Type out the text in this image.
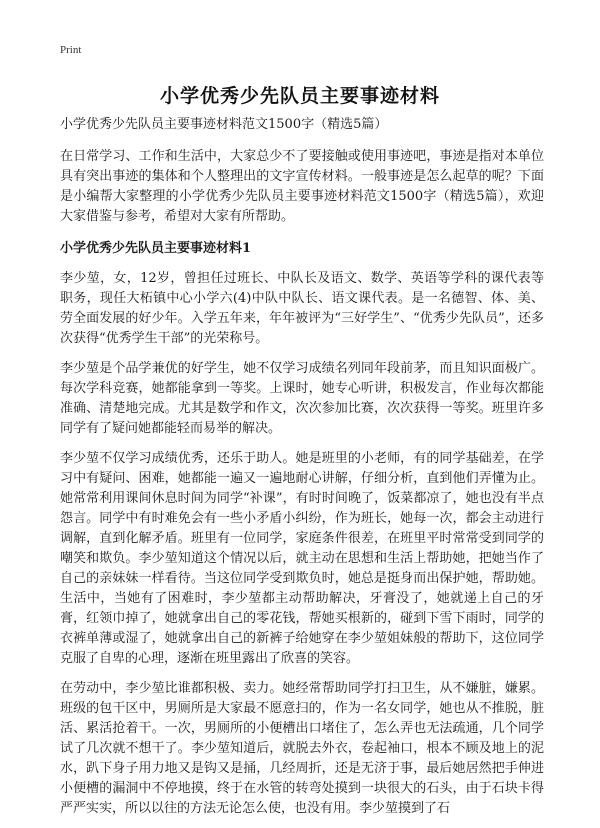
Print
小学优秀少先队员主要事迹材料

小学优秀少先队员主要事迹材料范文1500字（精选5篇）

在日常学习、工作和生活中，大家总少不了要接触或使用事迹吧，事迹是指对本单位具有突出事迹的集体和个人整理出的文字宣传材料。一般事迹是怎么起草的呢？下面是小编帮大家整理的小学优秀少先队员主要事迹材料范文1500字（精选5篇），欢迎大家借鉴与参考，希望对大家有所帮助。

小学优秀少先队员主要事迹材料1

李少堃，女，12岁，曾担任过班长、中队长及语文、数学、英语等学科的课代表等职务，现任大柘镇中心小学六(4)中队中队长、语文课代表。是一名德智、体、美、劳全面发展的好少年。入学五年来，年年被评为“三好学生”、“优秀少先队员”，还多次获得“优秀学生干部”的光荣称号。

李少堃是个品学兼优的好学生，她不仅学习成绩名列同年段前茅，而且知识面极广。每次学科竞赛，她都能拿到一等奖。上课时，她专心听讲，积极发言，作业每次都能准确、清楚地完成。尤其是数学和作文，次次参加比赛，次次获得一等奖。班里许多同学有了疑问她都能轻而易举的解决。

李少堃不仅学习成绩优秀，还乐于助人。她是班里的小老师，有的同学基础差，在学习中有疑问、困难，她都能一遍又一遍地耐心讲解，仔细分析，直到他们弄懂为止。她常常利用课间休息时间为同学“补课”，有时时间晚了，饭菜都凉了，她也没有半点怨言。同学中有时难免会有一些小矛盾小纠纷，作为班长，她每一次，都会主动进行调解，直到化解矛盾。班里有一位同学，家庭条件很差，在班里平时常常受到同学的嘲笑和欺负。李少堃知道这个情况以后，就主动在思想和生活上帮助她，把她当作了自己的亲妹妹一样看待。当这位同学受到欺负时，她总是挺身而出保护她，帮助她。生活中，当她有了困难时，李少堃都主动帮助解决，牙膏没了，她就递上自己的牙膏，红领巾掉了，她就拿出自己的零花钱，帮她买根新的，碰到下雪下雨时，同学的衣裤单薄或湿了，她就拿出自己的新裤子给她穿在李少堃姐妹般的帮助下，这位同学克服了自卑的心理，逐渐在班里露出了欣喜的笑容。

在劳动中，李少堃比谁都积极、卖力。她经常帮助同学打扫卫生，从不嫌脏，嫌累。班级的包干区中，男厕所是大家最不愿意扫的，作为一名女同学，她也从不推脱，脏活、累活抢着干。一次，男厕所的小便槽出口堵住了，怎么弄也无法疏通，几个同学试了几次就不想干了。李少堃知道后，就脱去外衣，卷起袖口，根本不顾及地上的泥水，趴下身子用力地又是钩又是捅，几经周折，还是无济于事，最后她居然把手伸进小便槽的漏洞中不停地摸，终于在水管的转弯处摸到一块很大的石头，由于石块卡得严严实实，所以以往的方法无论怎么使，也没有用。李少堃摸到了石
